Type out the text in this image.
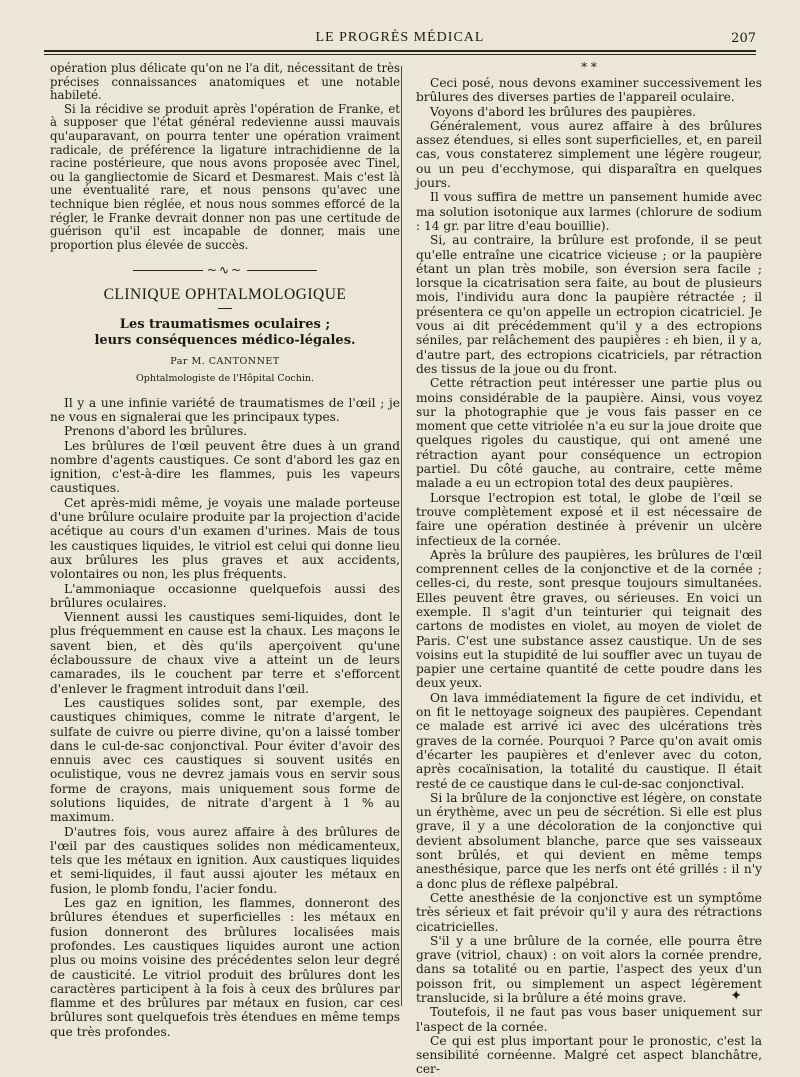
LE PROGRÈS MÉDICAL	207

opération plus délicate qu'on ne l'a dit, nécessitant de très précises connaissances anatomiques et une notable habileté.

Si la récidive se produit après l'opération de Franke, et à supposer que l'état général redevienne aussi mauvais qu'auparavant, on pourra tenter une opération vraiment radicale, de préférence la ligature intrachidienne de la racine postérieure, que nous avons proposée avec Tinel, ou la gangliectomie de Sicard et Desmarest. Mais c'est là une éventualité rare, et nous pensons qu'avec une technique bien réglée, et nous nous sommes efforcé de la régler, le Franke devrait donner non pas une certitude de guérison qu'il est incapable de donner, mais une proportion plus élevée de succès.

~∿~
CLINIQUE OPHTALMOLOGIQUE
Les traumatismes oculaires ;
leurs conséquences médico-légales.
Par M. CANTONNET
Ophtalmologiste de l'Hôpital Cochin.

Il y a une infinie variété de traumatismes de l'œil ; je ne vous en signalerai que les principaux types.

Prenons d'abord les brûlures.

Les brûlures de l'œil peuvent être dues à un grand nombre d'agents caustiques. Ce sont d'abord les gaz en ignition, c'est-à-dire les flammes, puis les vapeurs caustiques.

Cet après-midi même, je voyais une malade porteuse d'une brûlure oculaire produite par la projection d'acide acétique au cours d'un examen d'urines. Mais de tous les caustiques liquides, le vitriol est celui qui donne lieu aux brûlures les plus graves et aux accidents, volontaires ou non, les plus fréquents.

L'ammoniaque occasionne quelquefois aussi des brûlures oculaires.

Viennent aussi les caustiques semi-liquides, dont le plus fréquemment en cause est la chaux. Les maçons le savent bien, et dès qu'ils aperçoivent qu'une éclaboussure de chaux vive a atteint un de leurs camarades, ils le couchent par terre et s'efforcent d'enlever le fragment introduit dans l'œil.

Les caustiques solides sont, par exemple, des caustiques chimiques, comme le nitrate d'argent, le sulfate de cuivre ou pierre divine, qu'on a laissé tomber dans le cul-de-sac conjonctival. Pour éviter d'avoir des ennuis avec ces caustiques si souvent usités en oculistique, vous ne devrez jamais vous en servir sous forme de crayons, mais uniquement sous forme de solutions liquides, de nitrate d'argent à 1 % au maximum.

D'autres fois, vous aurez affaire à des brûlures de l'œil par des caustiques solides non médicamenteux, tels que les métaux en ignition. Aux caustiques liquides et semi-liquides, il faut aussi ajouter les métaux en fusion, le plomb fondu, l'acier fondu.

Les gaz en ignition, les flammes, donneront des brûlures étendues et superficielles : les métaux en fusion donneront des brûlures localisées mais profondes. Les caustiques liquides auront une action plus ou moins voisine des précédentes selon leur degré de causticité. Le vitriol produit des brûlures dont les caractères participent à la fois à ceux des brûlures par flamme et des brûlures par métaux en fusion, car ces brûlures sont quelquefois très étendues en même temps que très profondes.

* *

Ceci posé, nous devons examiner successivement les brûlures des diverses parties de l'appareil oculaire.

Voyons d'abord les brûlures des paupières.

Généralement, vous aurez affaire à des brûlures assez étendues, si elles sont superficielles, et, en pareil cas, vous constaterez simplement une légère rougeur, ou un peu d'ecchymose, qui disparaîtra en quelques jours.

Il vous suffira de mettre un pansement humide avec ma solution isotonique aux larmes (chlorure de sodium : 14 gr. par litre d'eau bouillie).

Si, au contraire, la brûlure est profonde, il se peut qu'elle entraîne une cicatrice vicieuse ; or la paupière étant un plan très mobile, son éversion sera facile ; lorsque la cicatrisation sera faite, au bout de plusieurs mois, l'individu aura donc la paupière rétractée ; il présentera ce qu'on appelle un ectropion cicatriciel. Je vous ai dit précédemment qu'il y a des ectropions séniles, par relâchement des paupières : eh bien, il y a, d'autre part, des ectropions cicatriciels, par rétraction des tissus de la joue ou du front.

Cette rétraction peut intéresser une partie plus ou moins considérable de la paupière. Ainsi, vous voyez sur la photographie que je vous fais passer en ce moment que cette vitriolée n'a eu sur la joue droite que quelques rigoles du caustique, qui ont amené une rétraction ayant pour conséquence un ectropion partiel. Du côté gauche, au contraire, cette même malade a eu un ectropion total des deux paupières.

Lorsque l'ectropion est total, le globe de l'œil se trouve complètement exposé et il est nécessaire de faire une opération destinée à prévenir un ulcère infectieux de la cornée.

Après la brûlure des paupières, les brûlures de l'œil comprennent celles de la conjonctive et de la cornée ; celles-ci, du reste, sont presque toujours simultanées. Elles peuvent être graves, ou sérieuses. En voici un exemple. Il s'agit d'un teinturier qui teignait des cartons de modistes en violet, au moyen de violet de Paris. C'est une substance assez caustique. Un de ses voisins eut la stupidité de lui souffler avec un tuyau de papier une certaine quantité de cette poudre dans les deux yeux.

On lava immédiatement la figure de cet individu, et on fit le nettoyage soigneux des paupières. Cependant ce malade est arrivé ici avec des ulcérations très graves de la cornée. Pourquoi ? Parce qu'on avait omis d'écarter les paupières et d'enlever avec du coton, après cocaïnisation, la totalité du caustique. Il était resté de ce caustique dans le cul-de-sac conjonctival.

Si la brûlure de la conjonctive est légère, on constate un érythème, avec un peu de sécrétion. Si elle est plus grave, il y a une décoloration de la conjonctive qui devient absolument blanche, parce que ses vaisseaux sont brûlés, et qui devient en même temps anesthésique, parce que les nerfs ont été grillés : il n'y a donc plus de réflexe palpébral.

Cette anesthésie de la conjonctive est un symptôme très sérieux et fait prévoir qu'il y aura des rétractions cicatricielles.

S'il y a une brûlure de la cornée, elle pourra être grave (vitriol, chaux) : on voit alors la cornée prendre, dans sa totalité ou en partie, l'aspect des yeux d'un poisson frit, ou simplement un aspect légèrement translucide, si la brûlure a été moins grave.

Toutefois, il ne faut pas vous baser uniquement sur l'aspect de la cornée.

Ce qui est plus important pour le pronostic, c'est la sensibilité cornéenne. Malgré cet aspect blanchâtre, cer-

✦
